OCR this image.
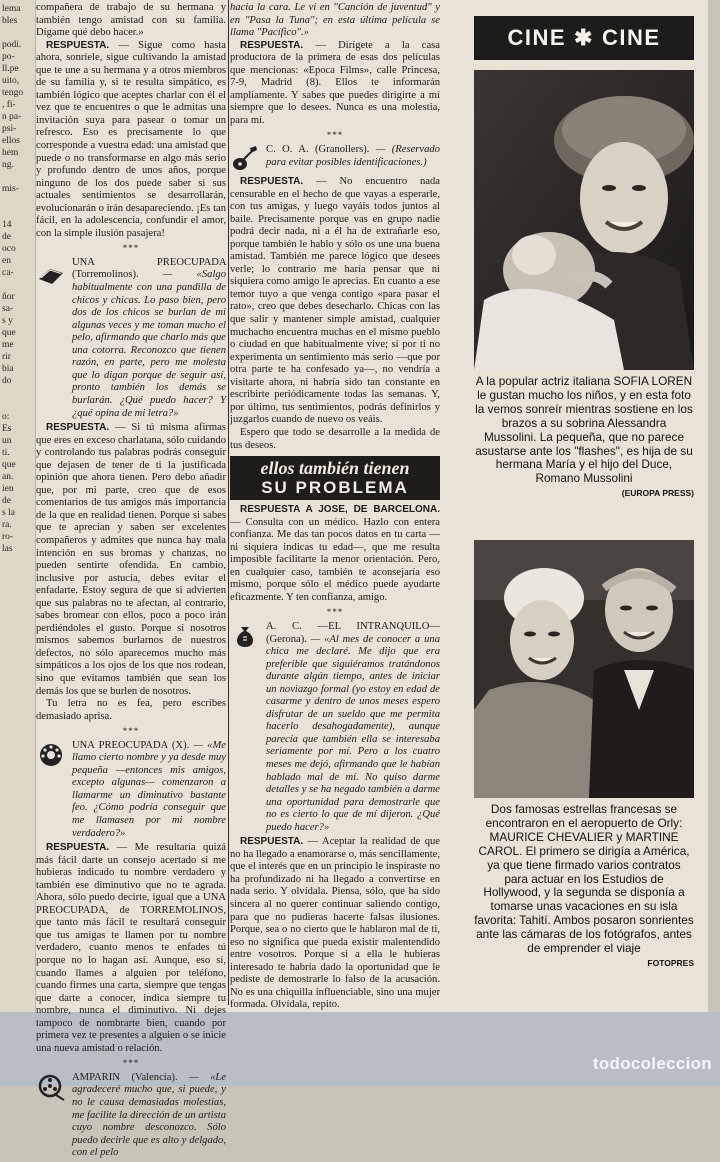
lema
bles
podi.
po-
ll.pe
uito,
tengo
, fi-
n pa-
psi-
ellos
hem
ng.
mis-
14
de
oco
en
ca-
ñor
sa-
s y
que
me
rir
bia
do
o:
Es
un
ti.
que
an.
ien
de
s la
ra.
ro-
las

compañera de trabajo de su hermana y también tengo amistad con su familia. Dígame qué debo hacer.»

RESPUESTA. — Sigue como hasta ahora, sonríele, sigue cultivando la amistad que te une a su hermana y a otros miembros de su familia y, si te resulta simpático, es también lógico que aceptes charlar con él el vez que te encuentres o que le admitas una invitación suya para pasear o tomar un refresco. Eso es precisamente lo que corresponde a vuestra edad: una amistad que puede o no transformarse en algo más serio y profundo dentro de unos años, porque ninguno de los dos puede saber si sus actuales sentimientos se desarrollarán, evolucionarán o irán desapareciendo. ¡Es tan fácil, en la adolescencia, confundir el amor, con la simple ilusión pasajera!

***
UNA PREOCUPADA (Torremolinos). — «Salgo habitualmente con una pandilla de chicos y chicas. Lo paso bien, pero dos de los chicos se burlan de mi algunas veces y me toman mucho el pelo, afirmando que charlo más que una cotorra. Reconozco que tienen razón, en parte, pero me molesta que lo digan porque de seguir así, pronto también los demás se burlarán. ¿Qué puedo hacer? Y ¿qué opina de mi letra?»

RESPUESTA. — Si tú misma afirmas que eres en exceso charlatana, sólo cuidando y controlando tus palabras podrás conseguir que dejasen de tener de ti la justificada opinión que ahora tienen. Pero debo añadir que, por mi parte, creo que de esos comentarios de tus amigos más importancia de la que en realidad tienen. Porque si sabes que te aprecian y saben ser excelentes compañeros y admites que nunca hay mala intención en sus bromas y chanzas, no pueden sentirte ofendida. En cambio, inclusive por astucia, debes evitar el enfadarte. Estoy segura de que si advierten que sus palabras no te afectan, al contrario, sabes bromear con ellos, poco a poco irán perdiéndoles el gusto. Porque si nosotros mismos sabemos burlarnos de nuestros defectos, no sólo aparecemos mucho más simpáticos a los ojos de los que nos rodean, sino que evitamos también que sean los demás los que se burlen de nosotros.

Tu letra no es fea, pero escribes demasiado aprisa.

***
UNA PREOCUPADA (X). — «Me llamo cierto nombre y ya desde muy pequeña —entonces mis amigos, excepto algunas— comenzaron a llamarme un diminutivo bastante feo. ¿Cómo podría conseguir que me llamasen por mi nombre verdadero?»

RESPUESTA. — Me resultaría quizá más fácil darte un consejo acertado si me hubieras indicado tu nombre verdadero y también ese diminutivo que no te agrada. Ahora, sólo puedo decirte, igual que a UNA PREOCUPADA, de TORREMOLINOS, que tanto más fácil te resultará conseguir que tus amigas te llamen por tu nombre verdadero, cuanto menos te enfades tú porque no lo hagan así. Aunque, eso sí, cuando llames a alguien por teléfono, cuando firmes una carta, siempre que tengas que darte a conocer, indica siempre tu nombre, nunca el diminutivo. Ni dejes tampoco de nombrarte bien, cuando por primera vez te presentes a alguien o se inicie una nueva amistad o relación.

***
AMPARIN (Valencia). — «Le agradeceré mucho que, si puede, y no le causa demasiadas molestias, me facilite la dirección de un artista cuyo nombre desconozco. Sólo puedo decirle que es alto y delgado, con el pelo

hacia la cara. Le vi en "Canción de juventud" y en "Pasa la Tuna"; en esta última película se llama "Pacífico".»

RESPUESTA. — Dirígete a la casa productora de la primera de esas dos películas que mencionas: «Epoca Films», calle Princesa, 7-9, Madrid (8). Ellos te informarán ampliamente. Y sabes que puedes dirigirte a mí siempre que lo desees. Nunca es una molestia, para mí.

***
C. O. A. (Granollers). — (Reservado para evitar posibles identificaciones.)

RESPUESTA. — No encuentro nada censurable en el hecho de que vayas a esperarle, con tus amigas, y luego vayáis todos juntos al baile. Precisamente porque vas en grupo nadie podrá decir nada, ni a él ha de extrañarle eso, porque también le hablo y sólo os une una buena amistad. También me parece lógico que desees verle; lo contrario me haría pensar que ni siquiera como amigo le aprecias. En cuanto a ese temor tuyo a que venga contigo «para pasar el rato», creo que debes desecharlo. Chicas con las que salir y mantener simple amistad, cualquier muchacho encuentra muchas en el mismo pueblo o ciudad en que habitualmente vive; si por ti no experimenta un sentimiento más serio —que por otra parte te ha confesado ya—, no vendría a visitarte ahora, ni habría sido tan constante en escribirte periódicamente todas las semanas. Y, por último, tus sentimientos, podrás definirlos y juzgarlos cuando de nuevo os veáis.

Espero que todo se desarrolle a la medida de tus deseos.

ellos también tienen
SU PROBLEMA

RESPUESTA A JOSE, DE BARCELONA. — Consulta con un médico. Hazlo con entera confianza. Me das tan pocos datos en tu carta —ni siquiera indicas tu edad—, que me resulta imposible facilitarte la menor orientación. Pero, en cualquier caso, también te aconsejaría eso mismo, porque sólo el médico puede ayudarte eficazmente. Y ten confianza, amigo.

***
A. C. —EL INTRANQUILO— (Gerona). — «Al mes de conocer a una chica me declaré. Me dijo que era preferible que siguiéramos tratándonos durante algún tiempo, antes de iniciar un noviazgo formal (yo estoy en edad de casarme y dentro de unos meses espero disfrutar de un sueldo que me permita hacerlo desahogadamente), aunque parecía que también ella se interesaba seriamente por mí. Pero a los cuatro meses me dejó, afirmando que le habían hablado mal de mí. No quiso darme detalles y se ha negado también a darme una oportunidad para demostrarle que no es cierto lo que de mí dijeron. ¿Qué puedo hacer?»

RESPUESTA. — Aceptar la realidad de que no ha llegado a enamorarse o, más sencillamente, que el interés que en un principio le inspiraste no ha profundizado ni ha llegado a convertirse en nada serio. Y olvídala. Piensa, sólo, que ha sido sincera al no querer continuar saliendo contigo, para que no pudieras hacerte falsas ilusiones. Porque, sea o no cierto que le hablaron mal de ti, eso no significa que pueda existir malentendido entre vosotros. Porque si a ella le hubieras interesado te habría dado la oportunidad que le pediste de demostrarle lo falso de la acusación. No es una chiquilla influenciable, sino una mujer formada. Olvídala, repito.

CINE ✱ CINE
A la popular actriz italiana SOFIA LOREN le gustan mucho los niños, y en esta foto la vemos sonreír mientras sostiene en los brazos a su sobrina Alessandra Mussolini. La pequeña, que no parece asustarse ante los "flashes", es hija de su hermana María y el hijo del Duce, Romano Mussolini
(EUROPA PRESS)
Dos famosas estrellas francesas se encontraron en el aeropuerto de Orly: MAURICE CHEVALIER y MARTINE CAROL. El primero se dirigía a América, ya que tiene firmado varios contratos para actuar en los Estudios de Hollywood, y la segunda se disponía a tomarse unas vacaciones en su isla favorita: Tahití. Ambos posaron sonrientes ante las cámaras de los fotógrafos, antes de emprender el viaje
FOTOPRES
todocoleccion
